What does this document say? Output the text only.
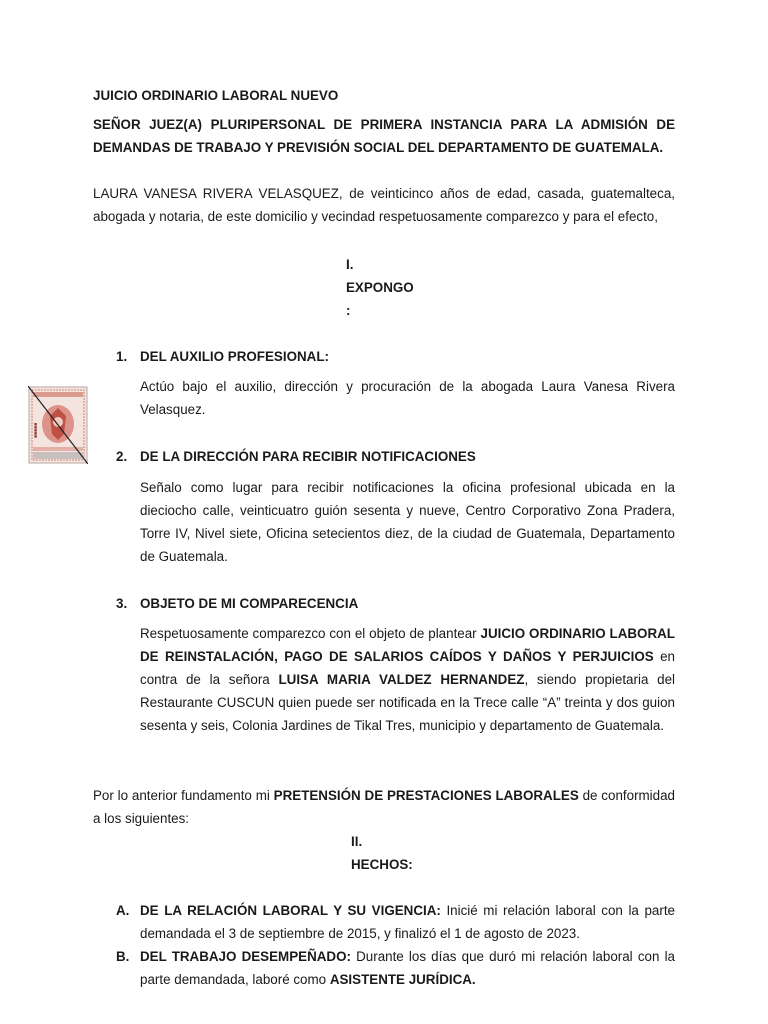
JUICIO ORDINARIO LABORAL NUEVO

SEÑOR JUEZ(A) PLURIPERSONAL DE PRIMERA INSTANCIA PARA LA ADMISIÓN DE DEMANDAS DE TRABAJO Y PREVISIÓN SOCIAL DEL DEPARTAMENTO DE GUATEMALA.

LAURA VANESA RIVERA VELASQUEZ, de veinticinco años de edad, casada, guatemalteca, abogada y notaria, de este domicilio y vecindad respetuosamente comparezco y para el efecto,

I.

EXPONGO

:

1. DEL AUXILIO PROFESIONAL:

Actúo bajo el auxilio, dirección y procuración de la abogada Laura Vanesa Rivera Velasquez.

2. DE LA DIRECCIÓN PARA RECIBIR NOTIFICACIONES

Señalo como lugar para recibir notificaciones la oficina profesional ubicada en la dieciocho calle, veinticuatro guión sesenta y nueve, Centro Corporativo Zona Pradera, Torre IV, Nivel siete, Oficina setecientos diez, de la ciudad de Guatemala, Departamento de Guatemala.

3. OBJETO DE MI COMPARECENCIA

Respetuosamente comparezco con el objeto de plantear JUICIO ORDINARIO LABORAL DE REINSTALACIÓN, PAGO DE SALARIOS CAÍDOS Y DAÑOS Y PERJUICIOS en contra de la señora LUISA MARIA VALDEZ HERNANDEZ, siendo propietaria del Restaurante CUSCUN quien puede ser notificada en la Trece calle “A” treinta y dos guion sesenta y seis, Colonia Jardines de Tikal Tres, municipio y departamento de Guatemala.

Por lo anterior fundamento mi PRETENSIÓN DE PRESTACIONES LABORALES de conformidad a los siguientes:

II.

HECHOS:

A. DE LA RELACIÓN LABORAL Y SU VIGENCIA: Inicié mi relación laboral con la parte demandada el 3 de septiembre de 2015, y finalizó el 1 de agosto de 2023.

B. DEL TRABAJO DESEMPEÑADO: Durante los días que duró mi relación laboral con la parte demandada, laboré como ASISTENTE JURÍDICA.

■■■■■
